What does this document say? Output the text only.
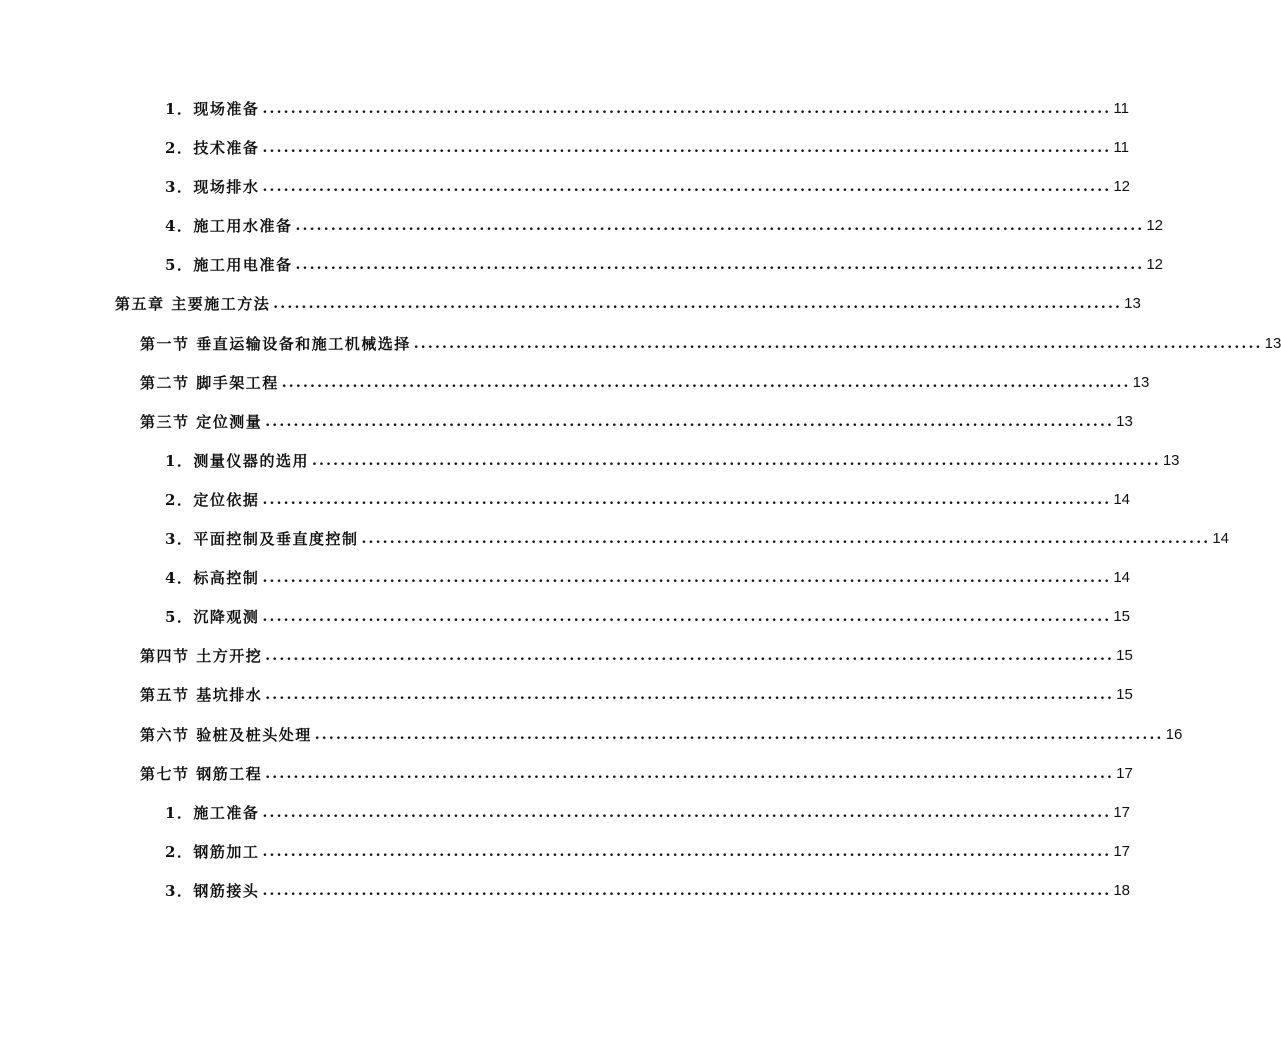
1．现场准备 ........................................................................................................................ 11
2．技术准备 ........................................................................................................................ 11
3．现场排水 ........................................................................................................................ 12
4．施工用水准备 ........................................................................................................................ 12
5．施工用电准备 ........................................................................................................................ 12
第五章 主要施工方法 ........................................................................................................................ 13
第一节 垂直运输设备和施工机械选择 ........................................................................................................................ 13
第二节 脚手架工程 ........................................................................................................................ 13
第三节 定位测量 ........................................................................................................................ 13
1．测量仪器的选用 ........................................................................................................................ 13
2．定位依据 ........................................................................................................................ 14
3．平面控制及垂直度控制 ........................................................................................................................ 14
4．标高控制 ........................................................................................................................ 14
5．沉降观测 ........................................................................................................................ 15
第四节 土方开挖 ........................................................................................................................ 15
第五节 基坑排水 ........................................................................................................................ 15
第六节 验桩及桩头处理 ........................................................................................................................ 16
第七节 钢筋工程 ........................................................................................................................ 17
1．施工准备 ........................................................................................................................ 17
2．钢筋加工 ........................................................................................................................ 17
3．钢筋接头 ........................................................................................................................ 18
